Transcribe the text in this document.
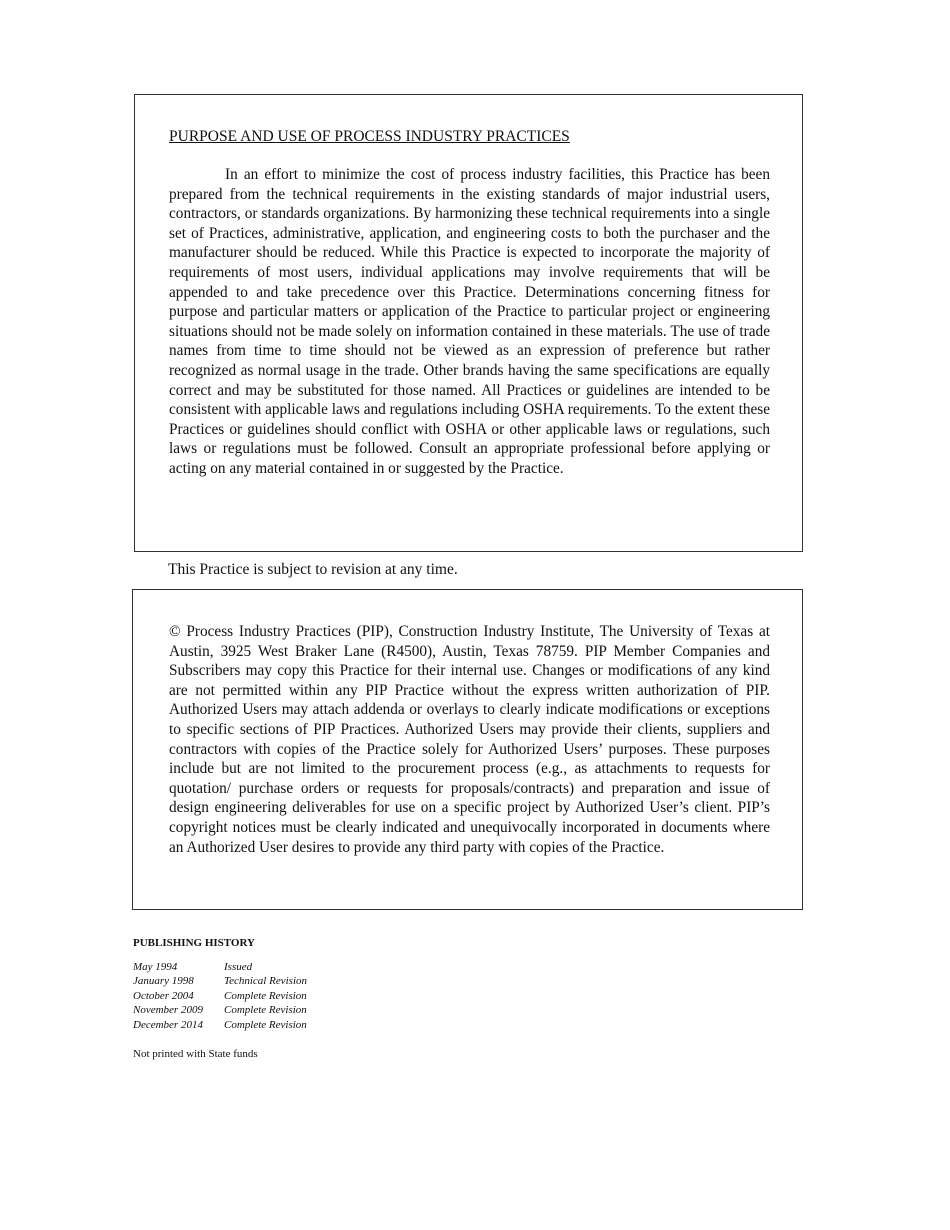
PURPOSE AND USE OF PROCESS INDUSTRY PRACTICES

In an effort to minimize the cost of process industry facilities, this Practice has been prepared from the technical requirements in the existing standards of major industrial users, contractors, or standards organizations. By harmonizing these technical requirements into a single set of Practices, administrative, application, and engineering costs to both the purchaser and the manufacturer should be reduced. While this Practice is expected to incorporate the majority of requirements of most users, individual applications may involve requirements that will be appended to and take precedence over this Practice. Determinations concerning fitness for purpose and particular matters or application of the Practice to particular project or engineering situations should not be made solely on information contained in these materials. The use of trade names from time to time should not be viewed as an expression of preference but rather recognized as normal usage in the trade. Other brands having the same specifications are equally correct and may be substituted for those named. All Practices or guidelines are intended to be consistent with applicable laws and regulations including OSHA requirements. To the extent these Practices or guidelines should conflict with OSHA or other applicable laws or regulations, such laws or regulations must be followed. Consult an appropriate professional before applying or acting on any material contained in or suggested by the Practice.

This Practice is subject to revision at any time.

© Process Industry Practices (PIP), Construction Industry Institute, The University of Texas at Austin, 3925 West Braker Lane (R4500), Austin, Texas 78759. PIP Member Companies and Subscribers may copy this Practice for their internal use. Changes or modifications of any kind are not permitted within any PIP Practice without the express written authorization of PIP. Authorized Users may attach addenda or overlays to clearly indicate modifications or exceptions to specific sections of PIP Practices. Authorized Users may provide their clients, suppliers and contractors with copies of the Practice solely for Authorized Users’ purposes. These purposes include but are not limited to the procurement process (e.g., as attachments to requests for quotation/ purchase orders or requests for proposals/contracts) and preparation and issue of design engineering deliverables for use on a specific project by Authorized User’s client. PIP’s copyright notices must be clearly indicated and unequivocally incorporated in documents where an Authorized User desires to provide any third party with copies of the Practice.

PUBLISHING HISTORY
May 1994	Issued
January 1998	Technical Revision
October 2004	Complete Revision
November 2009	Complete Revision
December 2014	Complete Revision

Not printed with State funds
